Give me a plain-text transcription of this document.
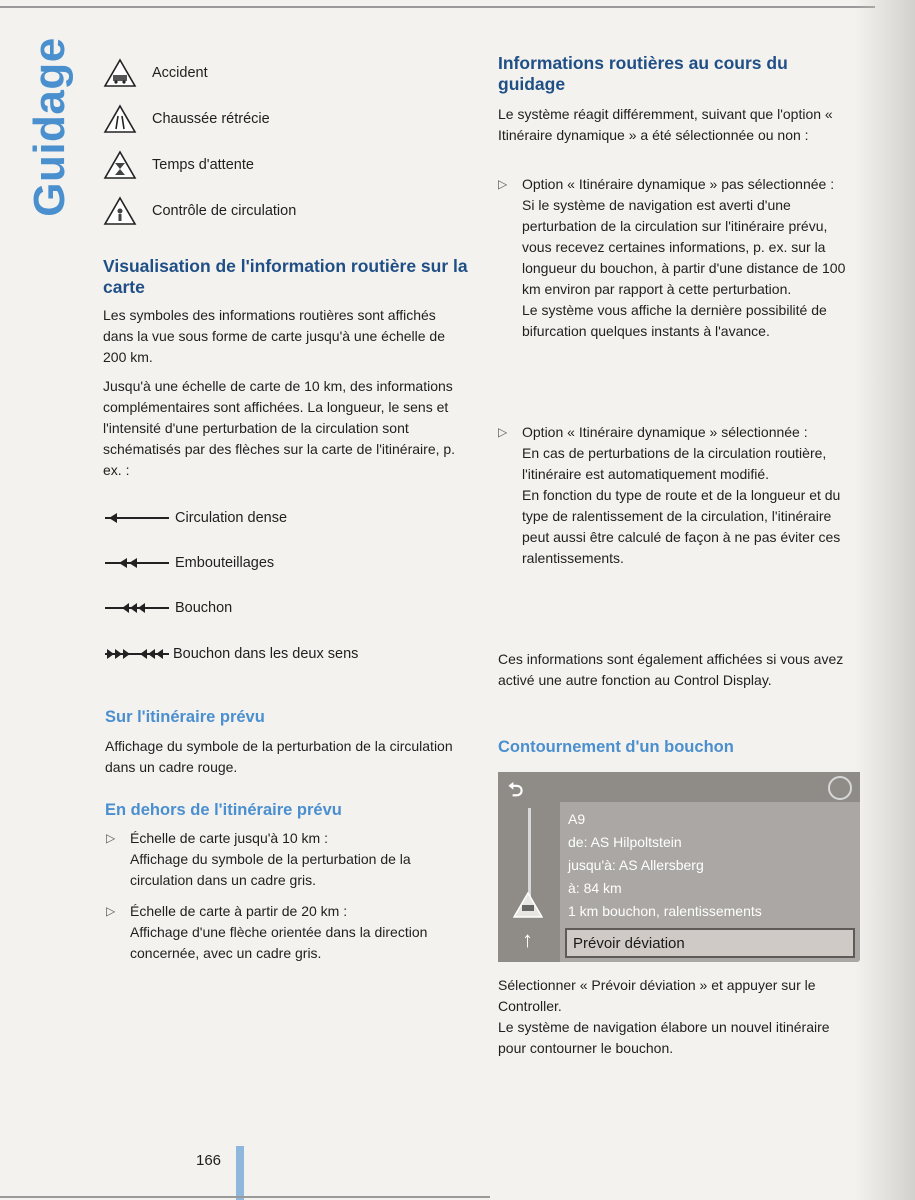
Guidage	Accident
Chaussée rétrécie
Temps d'attente
Contrôle de circulation
Visualisation de l'information routière sur la carte

Les symboles des informations routières sont affichés dans la vue sous forme de carte jusqu'à une échelle de 200 km.

Jusqu'à une échelle de carte de 10 km, des informations complémentaires sont affichées. La longueur, le sens et l'intensité d'une perturbation de la circulation sont schématisés par des flèches sur la carte de l'itinéraire, p. ex. :

Circulation dense
Embouteillages
Bouchon
Bouchon dans les deux sens
Sur l'itinéraire prévu

Affichage du symbole de la perturbation de la circulation dans un cadre rouge.

En dehors de l'itinéraire prévu
▷	Échelle de carte jusqu'à 10 km :

Affichage du symbole de la perturbation de la circulation dans un cadre gris.

▷	Échelle de carte à partir de 20 km :

Affichage d'une flèche orientée dans la direction concernée, avec un cadre gris.

Informations routières au cours du guidage

Le système réagit différemment, suivant que l'option « Itinéraire dynamique » a été sélectionnée ou non :

▷	Option « Itinéraire dynamique » pas sélectionnée :

Si le système de navigation est averti d'une perturbation de la circulation sur l'itinéraire prévu, vous recevez certaines informations, p. ex. sur la longueur du bouchon, à partir d'une distance de 100 km environ par rapport à cette perturbation.

Le système vous affiche la dernière possibilité de bifurcation quelques instants à l'avance.

▷	Option « Itinéraire dynamique » sélectionnée :

En cas de perturbations de la circulation routière, l'itinéraire est automatiquement modifié.

En fonction du type de route et de la longueur et du type de ralentissement de la circulation, l'itinéraire peut aussi être calculé de façon à ne pas éviter ces ralentissements.

Ces informations sont également affichées si vous avez activé une autre fonction au Control Display.

Contournement d'un bouchon
⮌
↑
A9
de: AS Hilpoltstein
jusqu'à: AS Allersberg
à: 84 km
1 km bouchon, ralentissements
Prévoir déviation

Sélectionner « Prévoir déviation » et appuyer sur le Controller.

Le système de navigation élabore un nouvel itinéraire pour contourner le bouchon.

166
